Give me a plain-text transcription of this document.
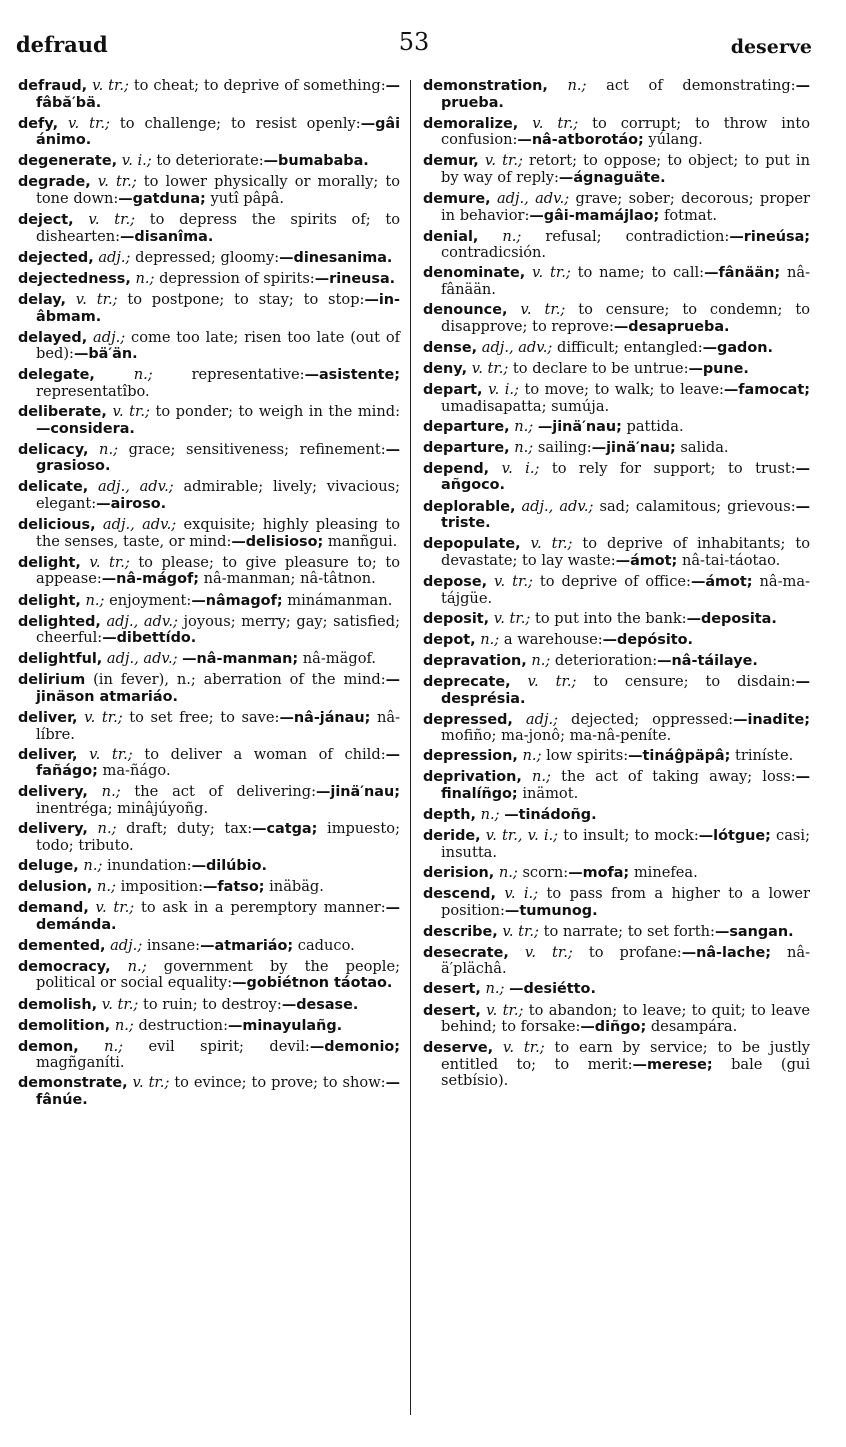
defraud	53	deserve

defraud, v. tr.; to cheat; to deprive of something:—fâbă′bä.

defy, v. tr.; to challenge; to resist openly:—gâi ánimo.

degenerate, v. i.; to deteriorate:—bumababa.

degrade, v. tr.; to lower physically or morally; to tone down:—gatduna; yutî pâpâ.

deject, v. tr.; to depress the spirits of; to dishearten:—disanîma.

dejected, adj.; depressed; gloomy:—dinesanima.

dejectedness, n.; depression of spirits:—rineusa.

delay, v. tr.; to postpone; to stay; to stop:—in-âbmam.

delayed, adj.; come too late; risen too late (out of bed):—bä′än.

delegate,	n.;	representative:—asistente; representatîbo.

deliberate, v. tr.; to ponder; to weigh in the mind:—considera.

delicacy, n.; grace; sensitiveness; refinement:—grasioso.

delicate, adj., adv.; admirable; lively; vivacious; elegant:—airoso.

delicious, adj., adv.; exquisite; highly pleasing to the senses, taste, or mind:—delisioso; manñgui.

delight, v. tr.; to please; to give pleasure to; to appease:—nâ-mágof; nâ-manman; nâ-tâtnon.

delight, n.; enjoyment:—nâmagof; minámanman.

delighted, adj., adv.; joyous; merry; gay; satisfied; cheerful:—dibettído.

delightful, adj., adv.; —nâ-manman; nâ-mägof.

delirium (in fever), n.; aberration of the mind:—jinäson atmariáo.

deliver, v. tr.; to set free; to save:—nâ-jánau; nâ-líbre.

deliver, v. tr.; to deliver a woman of child:—fañágo; ma-ñágo.

delivery, n.; the act of delivering:—jinä′nau; inentréga; minâjúyoñg.

delivery, n.; draft; duty; tax:—catga; impuesto; todo; tributo.

deluge, n.; inundation:—dilúbio.

delusion, n.; imposition:—fatso; inäbäg.

demand, v. tr.; to ask in a peremptory manner:—demánda.

demented, adj.; insane:—atmariáo; caduco.

democracy, n.; government by the people; political or social equality:—gobiétnon táotao.

demolish, v. tr.; to ruin; to destroy:—desase.

demolition, n.; destruction:—minayulañg.

demon, n.; evil spirit; devil:—demonio; magñganíti.

demonstrate, v. tr.; to evince; to prove; to show:—fânúe.

demonstration, n.; act of demonstrating:—prueba.

demoralize, v. tr.; to corrupt; to throw into confusion:—nâ-atborotáo; yúlang.

demur, v. tr.; retort; to oppose; to object; to put in by way of reply:—ágnaguäte.

demure, adj., adv.; grave; sober; decorous; proper in behavior:—gâi-mamájlao; fotmat.

denial, n.; refusal; contradiction:—rineúsa; contradicsión.

denominate, v. tr.; to name; to call:—fânään; nâ-fânään.

denounce, v. tr.; to censure; to condemn; to disapprove; to reprove:—desaprueba.

dense, adj., adv.; difficult; entangled:—gadon.

deny, v. tr.; to declare to be untrue:—pune.

depart, v. i.; to move; to walk; to leave:—famocat; umadisapatta; sumúja.

departure, n.; —jinä′nau; pattida.

departure, n.; sailing:—jinä′nau; salida.

depend, v. i.; to rely for support; to trust:—añgoco.

deplorable, adj., adv.; sad; calamitous; grievous:—triste.

depopulate, v. tr.; to deprive of inhabitants; to devastate; to lay waste:—ámot; nâ-tai-táotao.

depose, v. tr.; to deprive of office:—ámot; nâ-ma-tájgüe.

deposit, v. tr.; to put into the bank:—deposita.

depot, n.; a warehouse:—depósito.

depravation, n.; deterioration:—nâ-táilaye.

deprecate, v. tr.; to censure; to disdain:—desprésia.

depressed, adj.; dejected; oppressed:—inadite; mofiño; ma-jonô; ma-nâ-peníte.

depression, n.; low spirits:—tináĝpäpâ; triníste.

deprivation, n.; the act of taking away; loss:—finalíñgo; inämot.

depth, n.; —tinádoñg.

deride, v. tr., v. i.; to insult; to mock:—lótgue; casi; insutta.

derision, n.; scorn:—mofa; minefea.

descend, v. i.; to pass from a higher to a lower position:—tumunog.

describe, v. tr.; to narrate; to set forth:—sangan.

desecrate, v. tr.; to profane:—nâ-lache; nâ-ä′plächâ.

desert, n.; —desiétto.

desert, v. tr.; to abandon; to leave; to quit; to leave behind; to forsake:—diñgo; desampára.

deserve, v. tr.; to earn by service; to be justly entitled to; to merit:—merese; bale (gui setbísio).
